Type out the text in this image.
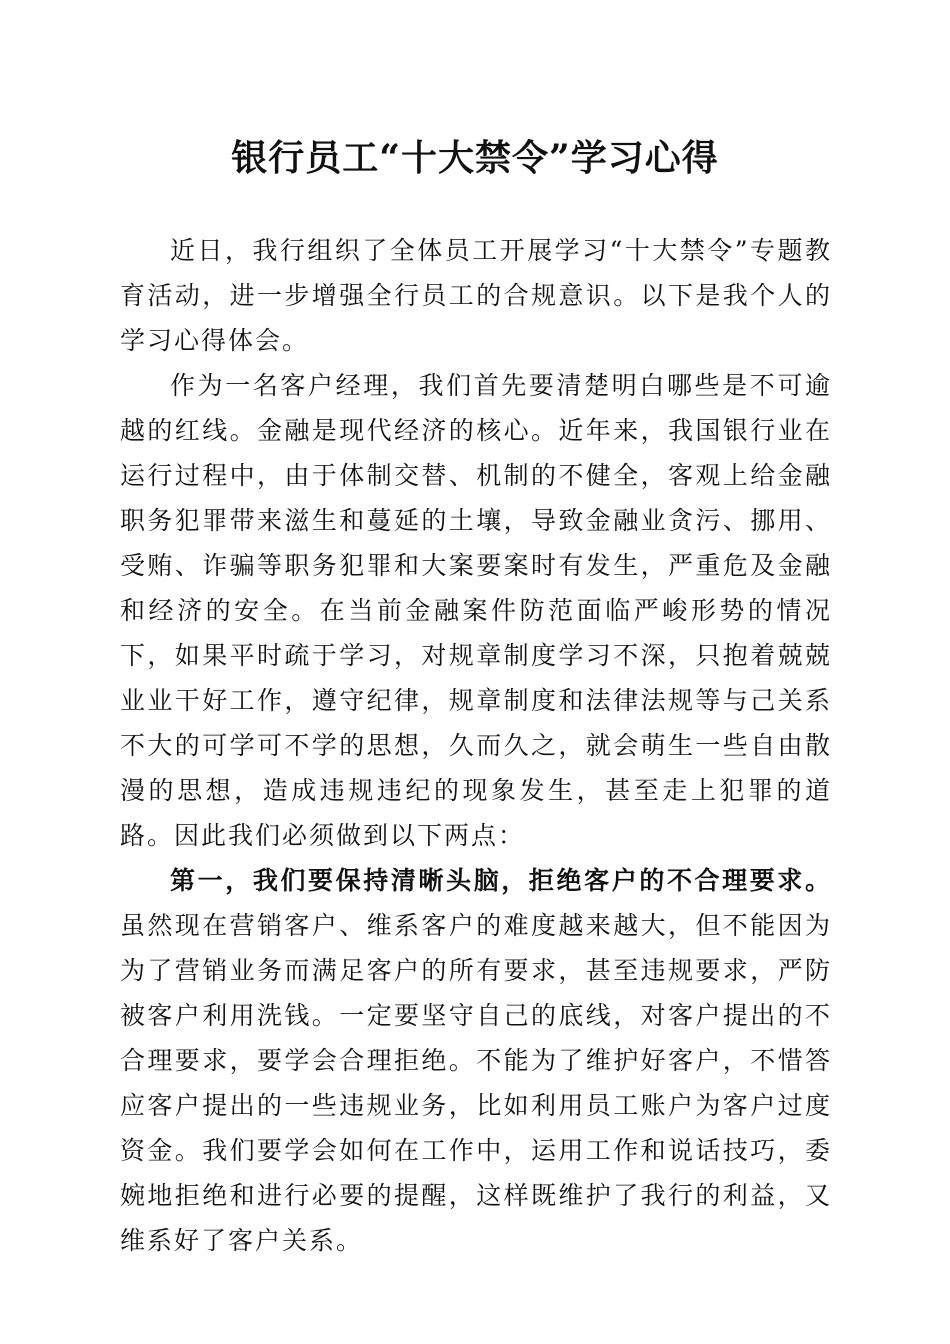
银行员工“十大禁令”学习心得

近日，我行组织了全体员工开展学习“十大禁令”专题教育活动，进一步增强全行员工的合规意识。以下是我个人的学习心得体会。

作为一名客户经理，我们首先要清楚明白哪些是不可逾越的红线。金融是现代经济的核心。近年来，我国银行业在运行过程中，由于体制交替、机制的不健全，客观上给金融职务犯罪带来滋生和蔓延的土壤，导致金融业贪污、挪用、受贿、诈骗等职务犯罪和大案要案时有发生，严重危及金融和经济的安全。在当前金融案件防范面临严峻形势的情况下，如果平时疏于学习，对规章制度学习不深，只抱着兢兢业业干好工作，遵守纪律，规章制度和法律法规等与己关系不大的可学可不学的思想，久而久之，就会萌生一些自由散漫的思想，造成违规违纪的现象发生，甚至走上犯罪的道路。因此我们必须做到以下两点：

第一，我们要保持清晰头脑，拒绝客户的不合理要求。虽然现在营销客户、维系客户的难度越来越大，但不能因为为了营销业务而满足客户的所有要求，甚至违规要求，严防被客户利用洗钱。一定要坚守自己的底线，对客户提出的不合理要求，要学会合理拒绝。不能为了维护好客户，不惜答应客户提出的一些违规业务，比如利用员工账户为客户过度资金。我们要学会如何在工作中，运用工作和说话技巧，委婉地拒绝和进行必要的提醒，这样既维护了我行的利益，又维系好了客户关系。
